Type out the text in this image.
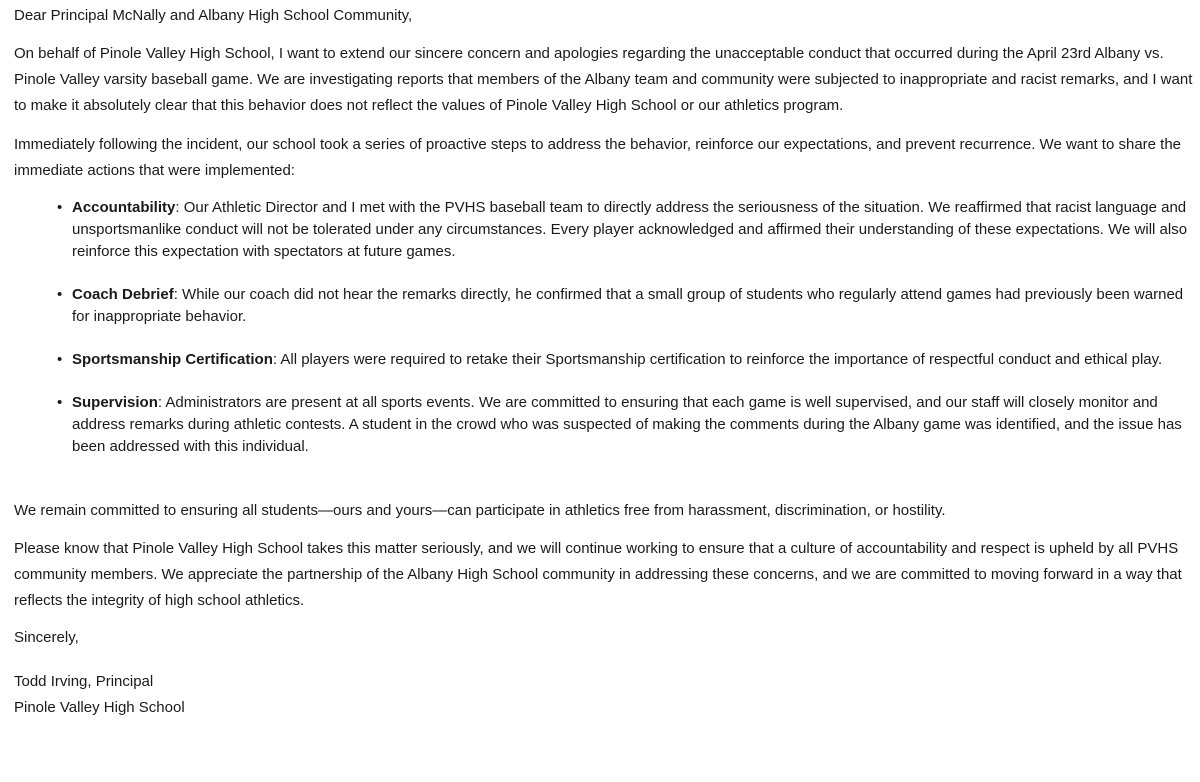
Dear Principal McNally and Albany High School Community,

On behalf of Pinole Valley High School, I want to extend our sincere concern and apologies regarding the unacceptable conduct that occurred during the April 23rd Albany vs. Pinole Valley varsity baseball game. We are investigating reports that members of the Albany team and community were subjected to inappropriate and racist remarks, and I want to make it absolutely clear that this behavior does not reflect the values of Pinole Valley High School or our athletics program.

Immediately following the incident, our school took a series of proactive steps to address the behavior, reinforce our expectations, and prevent recurrence. We want to share the immediate actions that were implemented:

• Accountability: Our Athletic Director and I met with the PVHS baseball team to directly address the seriousness of the situation. We reaffirmed that racist language and unsportsmanlike conduct will not be tolerated under any circumstances. Every player acknowledged and affirmed their understanding of these expectations. We will also reinforce this expectation with spectators at future games.
• Coach Debrief: While our coach did not hear the remarks directly, he confirmed that a small group of students who regularly attend games had previously been warned for inappropriate behavior.
• Sportsmanship Certification: All players were required to retake their Sportsmanship certification to reinforce the importance of respectful conduct and ethical play.
• Supervision: Administrators are present at all sports events. We are committed to ensuring that each game is well supervised, and our staff will closely monitor and address remarks during athletic contests. A student in the crowd who was suspected of making the comments during the Albany game was identified, and the issue has been addressed with this individual.

We remain committed to ensuring all students—ours and yours—can participate in athletics free from harassment, discrimination, or hostility.

Please know that Pinole Valley High School takes this matter seriously, and we will continue working to ensure that a culture of accountability and respect is upheld by all PVHS community members. We appreciate the partnership of the Albany High School community in addressing these concerns, and we are committed to moving forward in a way that reflects the integrity of high school athletics.

Sincerely,

Todd Irving, Principal

Pinole Valley High School
